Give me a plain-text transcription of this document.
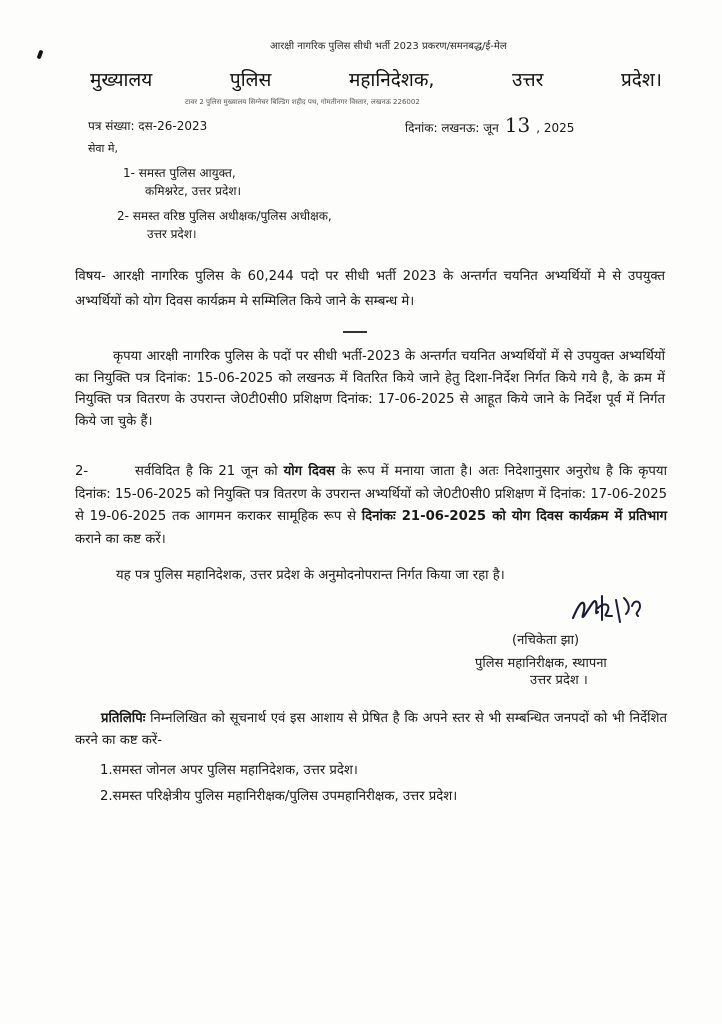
आरक्षी नागरिक पुलिस सीधी भर्ती 2023 प्रकरण/समनबद्ध/ई-मेल
मुख्यालय	पुलिस	महानिदेशक,	उत्तर	प्रदेश।
टावर 2 पुलिस मुख्यालय सिग्नेचर बिल्डिंग शहीद पथ, गोमतीनगर विस्तार, लखनऊ 226002
पत्र संख्या: दस-26-2023	दिनांक: लखनऊ: जून 13 , 2025
सेवा मे,
1- समस्त पुलिस आयुक्त,
कमिश्नरेट, उत्तर प्रदेश।
2- समस्त वरिष्ठ पुलिस अधीक्षक/पुलिस अधीक्षक,
उत्तर प्रदेश।
विषय- आरक्षी नागरिक पुलिस के 60,244 पदो पर सीधी भर्ती 2023 के अन्तर्गत चयनित अभ्यर्थियों मे से उपयुक्त अभ्यर्थियों को योग दिवस कार्यक्रम मे सम्मिलित किये जाने के सम्बन्ध मे।
कृपया आरक्षी नागरिक पुलिस के पदों पर सीधी भर्ती-2023 के अन्तर्गत चयनित अभ्यर्थियों में से उपयुक्त अभ्यर्थियों का नियुक्ति पत्र दिनांक: 15-06-2025 को लखनऊ में वितरित किये जाने हेतु दिशा-निर्देश निर्गत किये गये है, के क्रम में नियुक्ति पत्र वितरण के उपरान्त जे0टी0सी0 प्रशिक्षण दिनांक: 17-06-2025 से आहूत किये जाने के निर्देश पूर्व में निर्गत किये जा चुके हैं।
2-	सर्वविदित है कि 21 जून को योग दिवस के रूप में मनाया जाता है। अतः निदेशानुसार अनुरोध है कि कृपया दिनांक: 15-06-2025 को नियुक्ति पत्र वितरण के उपरान्त अभ्यर्थियों को जे0टी0सी0 प्रशिक्षण में दिनांक: 17-06-2025 से 19-06-2025 तक आगमन कराकर सामूहिक रूप से दिनांकः 21-06-2025 को योग दिवस कार्यक्रम में प्रतिभाग कराने का कष्ट करें।
यह पत्र पुलिस महानिदेशक, उत्तर प्रदेश के अनुमोदनोपरान्त निर्गत किया जा रहा है।
(नचिकेता झा)
पुलिस महानिरीक्षक, स्थापना
उत्तर प्रदेश ।
प्रतिलिपिः निम्नलिखित को सूचनार्थ एवं इस आशाय से प्रेषित है कि अपने स्तर से भी सम्बन्धित जनपदों को भी निर्देशित करने का कष्ट करें-
1.समस्त जोनल अपर पुलिस महानिदेशक, उत्तर प्रदेश।
2.समस्त परिक्षेत्रीय पुलिस महानिरीक्षक/पुलिस उपमहानिरीक्षक, उत्तर प्रदेश।
